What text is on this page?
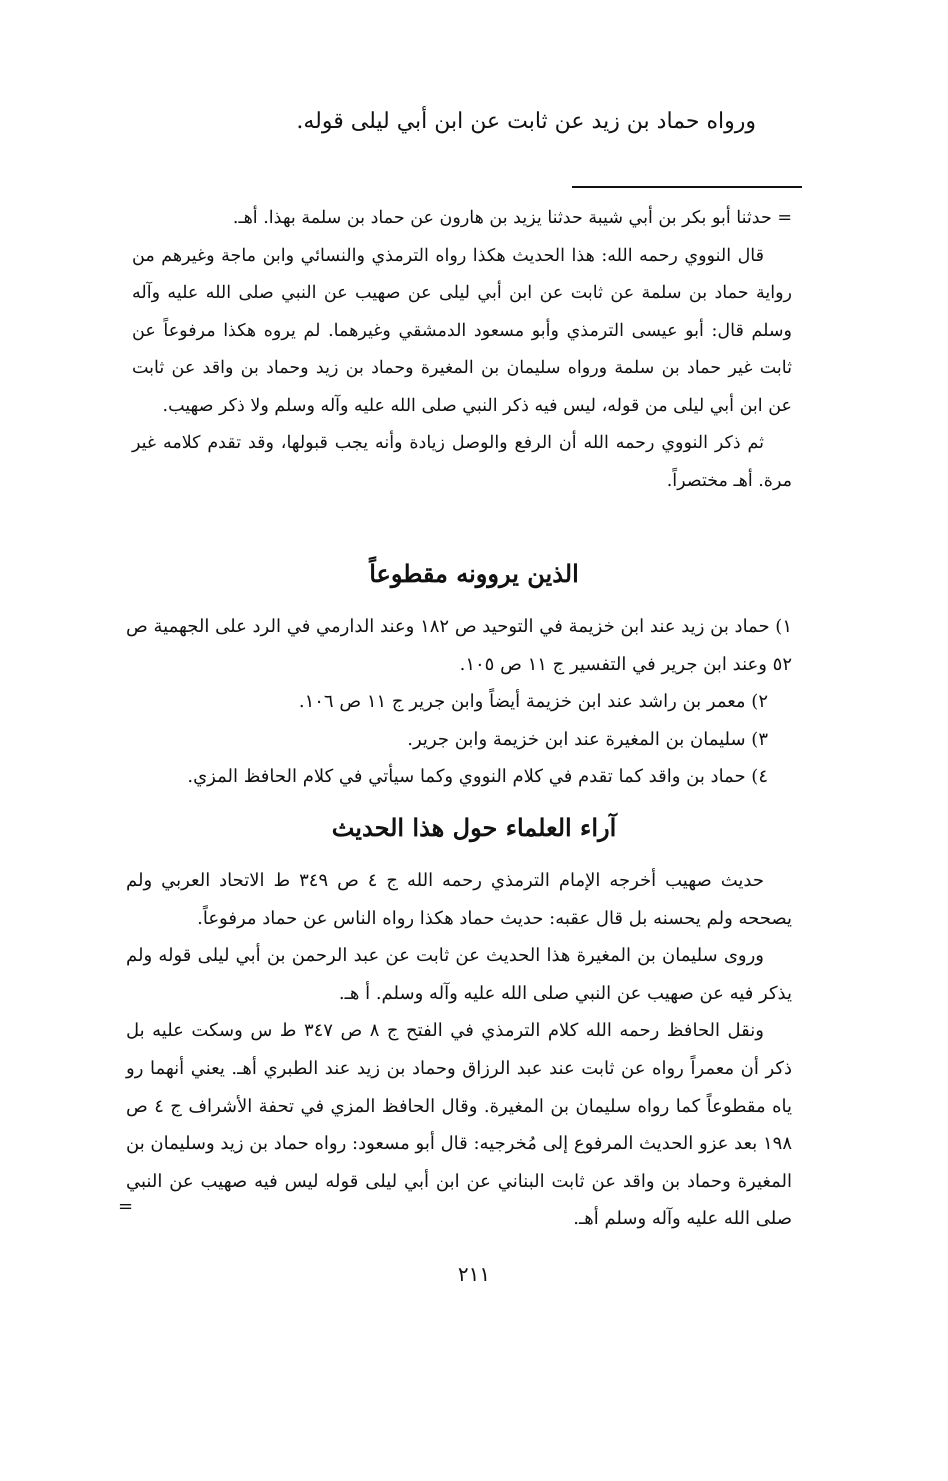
ورواه حماد بن زيد عن ثابت عن ابن أبي ليلى قوله.
= حدثنا أبو بكر بن أبي شيبة حدثنا يزيد بن هارون عن حماد بن سلمة بهذا. أهـ.

قال النووي رحمه الله: هذا الحديث هكذا رواه الترمذي والنسائي وابن ماجة وغيرهم من رواية حماد بن سلمة عن ثابت عن ابن أبي ليلى عن صهيب عن النبي صلى الله عليه وآله وسلم قال: أبو عيسى الترمذي وأبو مسعود الدمشقي وغيرهما. لم يروه هكذا مرفوعاً عن ثابت غير حماد بن سلمة ورواه سليمان بن المغيرة وحماد بن زيد وحماد بن واقد عن ثابت عن ابن أبي ليلى من قوله، ليس فيه ذكر النبي صلى الله عليه وآله وسلم ولا ذكر صهيب.

ثم ذكر النووي رحمه الله أن الرفع والوصل زيادة وأنه يجب قبولها، وقد تقدم كلامه غير مرة. أهـ مختصراً.

الذين يروونه مقطوعاً
١) حماد بن زيد عند ابن خزيمة في التوحيد ص ١٨٢ وعند الدارمي في الرد على الجهمية ص ٥٢ وعند ابن جرير في التفسير ج ١١ ص ١٠٥.
٢) معمر بن راشد عند ابن خزيمة أيضاً وابن جرير ج ١١ ص ١٠٦.
٣) سليمان بن المغيرة عند ابن خزيمة وابن جرير.
٤) حماد بن واقد كما تقدم في كلام النووي وكما سيأتي في كلام الحافظ المزي.
آراء العلماء حول هذا الحديث

حديث صهيب أخرجه الإمام الترمذي رحمه الله ج ٤ ص ٣٤٩ ط الاتحاد العربي ولم يصححه ولم يحسنه بل قال عقبه: حديث حماد هكذا رواه الناس عن حماد مرفوعاً.

وروى سليمان بن المغيرة هذا الحديث عن ثابت عن عبد الرحمن بن أبي ليلى قوله ولم يذكر فيه عن صهيب عن النبي صلى الله عليه وآله وسلم. أ هـ.

ونقل الحافظ رحمه الله كلام الترمذي في الفتح ج ٨ ص ٣٤٧ ط س وسكت عليه بل ذكر أن معمراً رواه عن ثابت عند عبد الرزاق وحماد بن زيد عند الطبري أهـ. يعني أنهما رو ياه مقطوعاً كما رواه سليمان بن المغيرة. وقال الحافظ المزي في تحفة الأشراف ج ٤ ص ١٩٨ بعد عزو الحديث المرفوع إلى مُخرجيه: قال أبو مسعود: رواه حماد بن زيد وسليمان بن المغيرة وحماد بن واقد عن ثابت البناني عن ابن أبي ليلى قوله ليس فيه صهيب عن النبي صلى الله عليه وآله وسلم أهـ.

=
٢١١
